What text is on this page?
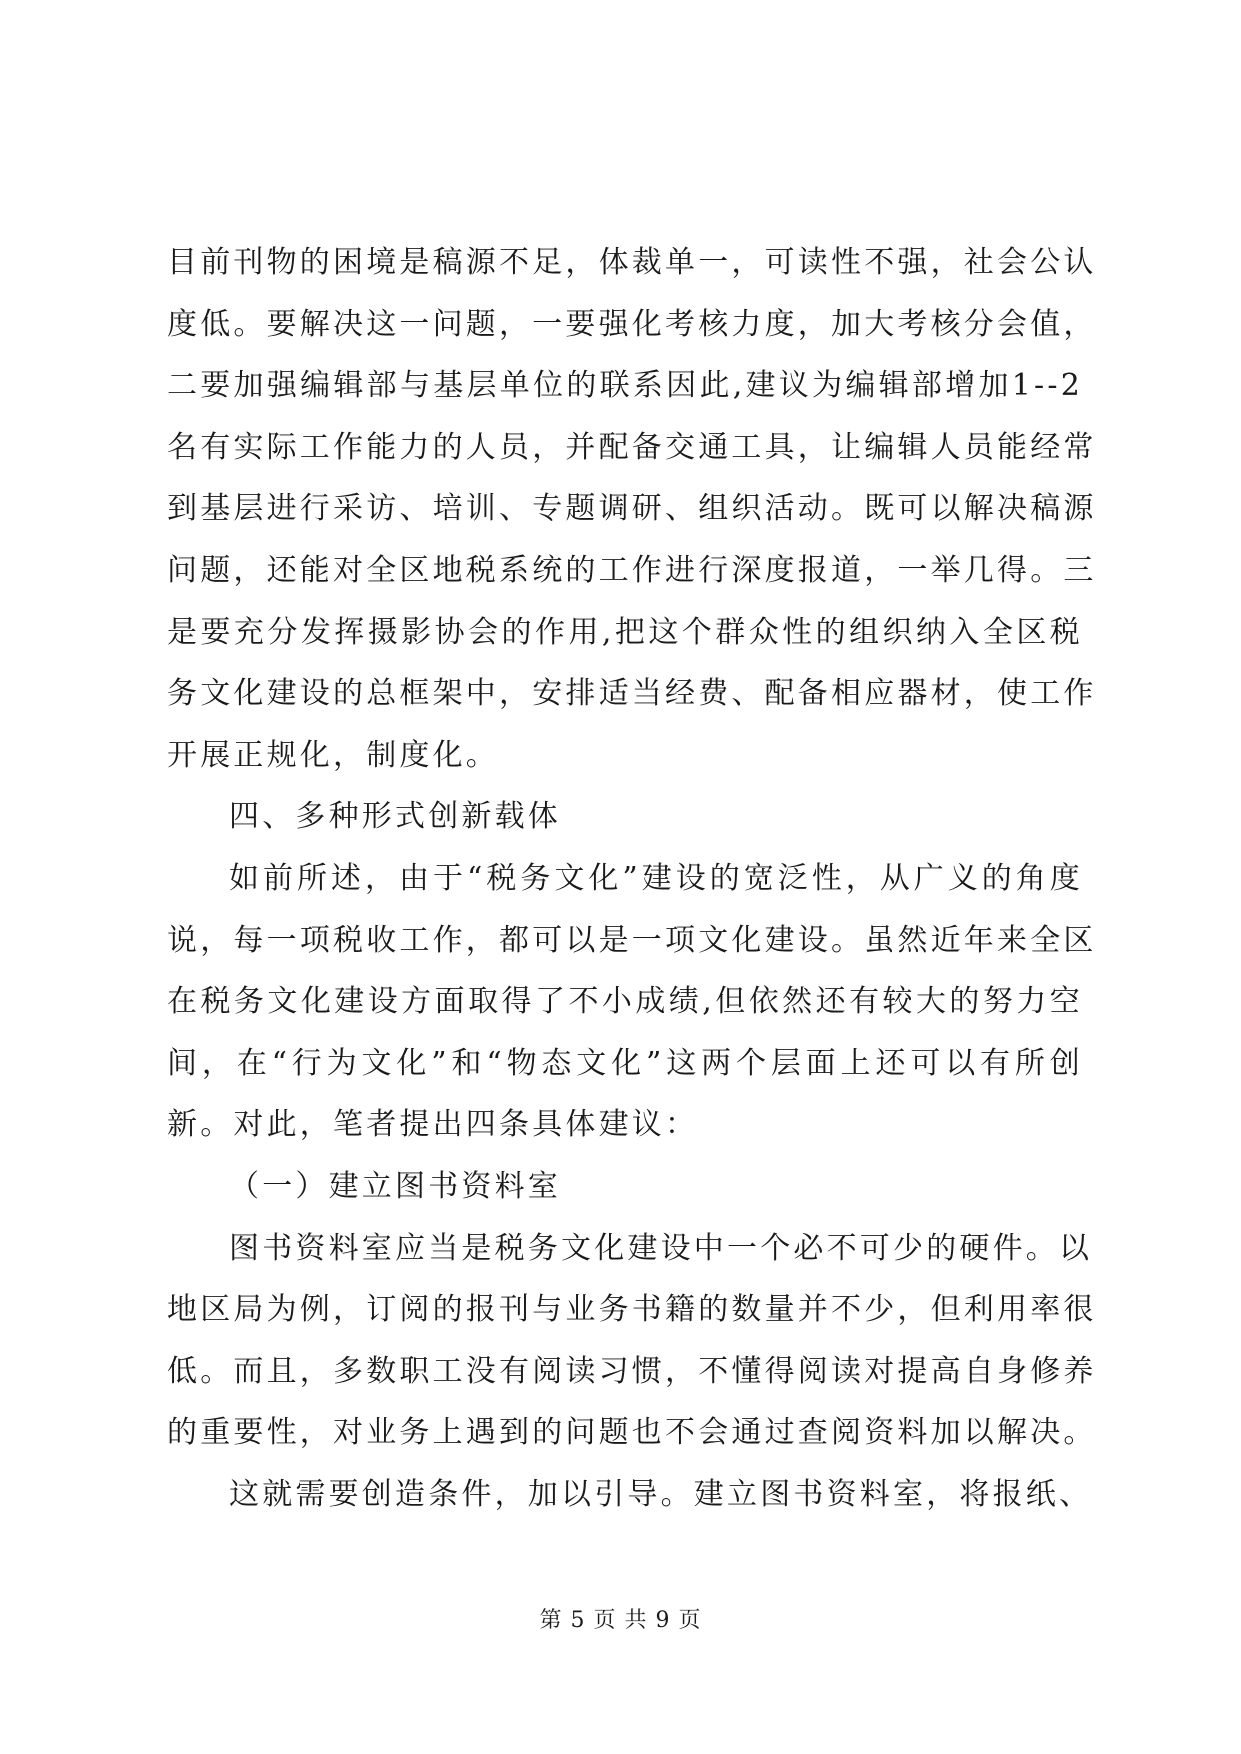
目前刊物的困境是稿源不足，体裁单一，可读性不强，社会公认
度低。要解决这一问题，一要强化考核力度，加大考核分会值，
二要加强编辑部与基层单位的联系因此,建议为编辑部增加1--2
名有实际工作能力的人员，并配备交通工具，让编辑人员能经常
到基层进行采访、培训、专题调研、组织活动。既可以解决稿源
问题，还能对全区地税系统的工作进行深度报道，一举几得。三
是要充分发挥摄影协会的作用,把这个群众性的组织纳入全区税
务文化建设的总框架中，安排适当经费、配备相应器材，使工作
开展正规化，制度化。
四、多种形式创新载体
如前所述，由于“税务文化”建设的宽泛性，从广义的角度
说，每一项税收工作，都可以是一项文化建设。虽然近年来全区
在税务文化建设方面取得了不小成绩,但依然还有较大的努力空
间，在“行为文化”和“物态文化”这两个层面上还可以有所创
新。对此，笔者提出四条具体建议：
（一）建立图书资料室
图书资料室应当是税务文化建设中一个必不可少的硬件。以
地区局为例，订阅的报刊与业务书籍的数量并不少，但利用率很
低。而且，多数职工没有阅读习惯，不懂得阅读对提高自身修养
的重要性，对业务上遇到的问题也不会通过查阅资料加以解决。
这就需要创造条件，加以引导。建立图书资料室，将报纸、
第 5 页 共 9 页
